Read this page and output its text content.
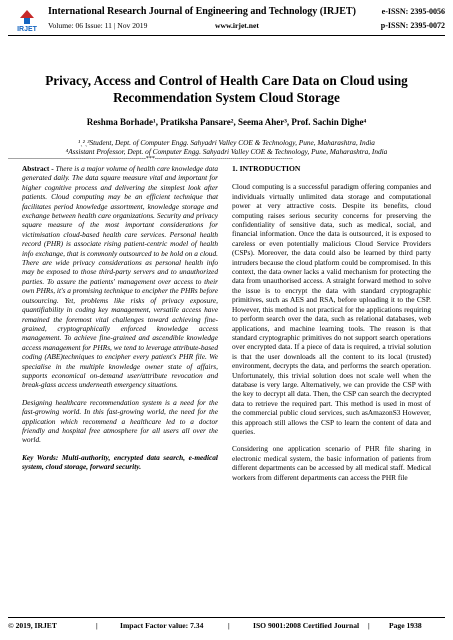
IRJET
International Research Journal of Engineering and Technology (IRJET)
Volume: 06 Issue: 11 | Nov 2019	www.irjet.net
e-ISSN: 2395-0056
p-ISSN: 2395-0072
Privacy, Access and Control of Health Care Data on Cloud using
Recommendation System Cloud Storage
Reshma Borhade¹, Pratiksha Pansare², Seema Aher³, Prof. Sachin Dighe⁴
¹ˎ²ˎ³Student, Dept. of Computer Engg. Sahyadri Valley COE & Technology, Pune, Maharashtra, India
⁴Assistant Professor, Dept. of Computer Engg. Sahyadri Valley COE & Technology, Pune, Maharashtra, India
---------------------------------------------------------------------***---------------------------------------------------------------------

Abstract - There is a major volume of health care knowledge data generated daily. The data square measure vital and important for higher cognitive process and delivering the simplest look after patients. Cloud computing may be an efficient technique that facilitates period knowledge assortment, knowledge storage and exchange between health care organizations. Security and privacy square measure of the most important considerations for victimisation cloud-based health care services. Personal health record (PHR) is associate rising patient-centric model of health info exchange, that is commonly outsourced to be hold on a cloud. There are wide privacy considerations as personal health info may be exposed to those third-party servers and to unauthorized parties. To assure the patients' management over access to their own PHRs, it's a promising technique to encipher the PHRs before outsourcing. Yet, problems like risks of privacy exposure, quantifiability in coding key management, versatile access have remained the foremost vital challenges toward achieving fine-grained, cryptographically enforced knowledge access management. To achieve fine-grained and ascendible knowledge access management for PHRs, we tend to leverage attribute-based coding (ABE)techniques to encipher every patient's PHR file. We specialise in the multiple knowledge owner state of affairs, supports economical on-demand user/attribute revocation and break-glass access underneath emergency situations.

Designing healthcare recommendation system is a need for the fast-growing world. In this fast-growing world, the need for the application which recommend a healthcare led to a doctor friendly and hospital free atmosphere for all users all over the world.

Key Words: Multi-authority, encrypted data search, e-medical system, cloud storage, forward security.

1. INTRODUCTION

Cloud computing is a successful paradigm offering companies and individuals virtually unlimited data storage and computational power at very attractive costs. Despite its benefits, cloud computing raises serious security concerns for preserving the confidentiality of sensitive data, such as medical, social, and financial information. Once the data is outsourced, it is exposed to careless or even potentially malicious Cloud Service Providers (CSPs). Moreover, the data could also be learned by third party intruders because the cloud platform could be compromised. In this context, the data owner lacks a valid mechanism for protecting the data from unauthorised access. A straight forward method to solve the issue is to encrypt the data with standard cryptographic primitives, such as AES and RSA, before uploading it to the CSP. However, this method is not practical for the applications requiring to perform search over the data, such as relational databases, web applications, and machine learning tools. The reason is that standard cryptographic primitives do not support search operations over encrypted data. If a piece of data is required, a trivial solution is that the user downloads all the content to its local (trusted) environment, decrypts the data, and performs the search operation. Unfortunately, this trivial solution does not scale well when the database is very large. Alternatively, we can provide the CSP with the key to decrypt all data. Then, the CSP can search the decrypted data to retrieve the required part. This method is used in most of the commercial public cloud services, such asAmazonS3 However, this approach still allows the CSP to learn the content of data and queries.

Considering one application scenario of PHR file sharing in electronic medical system, the basic information of patients from different departments can be accessed by all medical staff. Medical workers from different departments can access the PHR file

© 2019, IRJET	|	Impact Factor value: 7.34	|	ISO 9001:2008 Certified Journal |	Page 1938
